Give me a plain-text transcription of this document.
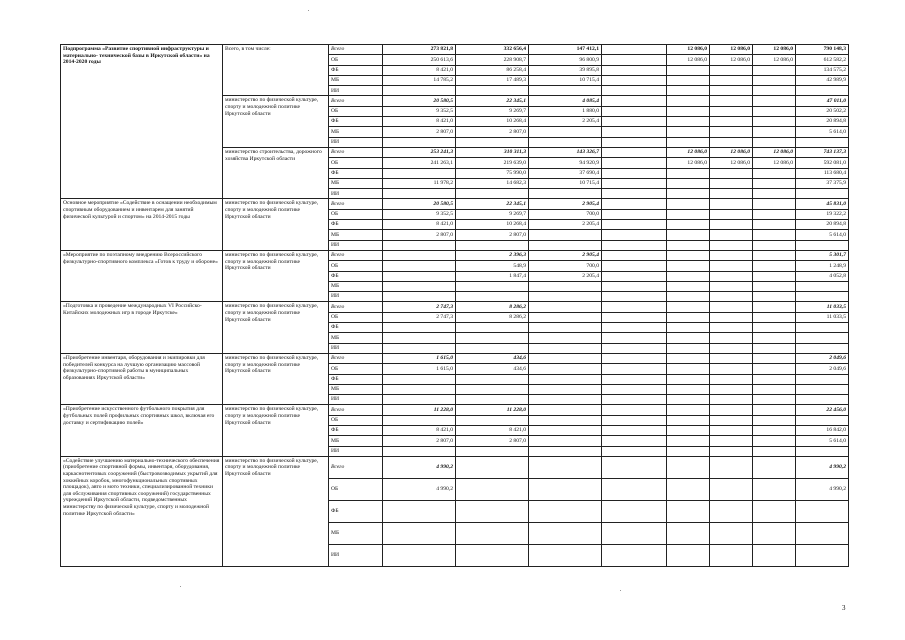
Подпрограмма «Развитие спортивной инфраструктуры и материально- технической базы в Иркутской области» на 2014-2020 годы	Всего, в том числе:	Всего	273 821,8	332 656,4	147 412,1		12 086,0	12 086,0	12 086,0	790 148,3
		ОБ	250 613,6	228 908,7	96 800,9		12 086,0	12 086,0	12 086,0	612 582,2
		ФБ	8 421,0	86 258,4	39 895,8					134 575,2
		МБ	14 785,2	17 489,3	10 715,4					42 989,9
		ИИ								
	министерство по физической культуре, спорту и молодежной политике Иркутской области	Всего	20 580,5	22 345,1	4 085,4					47 011,0
		ОБ	9 352,5	9 269,7	1 880,0					20 502,2
		ФБ	8 421,0	10 268,4	2 205,4					20 894,8
		МБ	2 807,0	2 807,0						5 614,0
		ИИ								
	министерство строительства, дорожного хозяйства Иркутской области	Всего	253 241,3	310 311,3	143 326,7		12 086,0	12 086,0	12 086,0	743 137,3
		ОБ	241 263,1	219 639,0	94 920,9		12 086,0	12 086,0	12 086,0	592 081,0
		ФБ		75 990,0	37 690,4					113 680,4
		МБ	11 978,2	14 682,3	10 715,4					37 375,9
		ИИ								
Основное мероприятие «Содействие в оснащении необходимым спортивным оборудованием и инвентарем для занятий физической культурой и спортом» на 2014-2015 годы	министерство по физической культуре, спорту и молодежной политике Иркутской области	Всего	20 580,5	22 345,1	2 905,4					45 831,0
		ОБ	9 352,5	9 269,7	700,0					19 322,2
		ФБ	8 421,0	10 268,4	2 205,4					20 894,8
		МБ	2 807,0	2 807,0						5 614,0
		ИИ								
«Мероприятие по поэтапному внедрению Всероссийского физкультурно-спортивного комплекса «Готов к труду и обороне»	министерство по физической культуре, спорту и молодежной политике Иркутской области	Всего		2 396,3	2 905,4					5 301,7
		ОБ		548,9	700,0					1 248,9
		ФБ		1 847,4	2 205,4					4 052,8
		МБ								
		ИИ								
«Подготовка и проведение международных VI Российско-Китайских молодежных игр в городе Иркутске»	министерство по физической культуре, спорту и молодежной политике Иркутской области	Всего	2 747,3	8 286,2						11 033,5
		ОБ	2 747,3	8 286,2						11 033,5
		ФБ								
		МБ								
		ИИ								
«Приобретение инвентаря, оборудования и экипировки для победителей конкурса на лучшую организацию массовой физкультурно-спортивной работы в муниципальных образованиях Иркутской области»	министерство по физической культуре, спорту и молодежной политике Иркутской области	Всего	1 615,0	434,6						2 049,6
		ОБ	1 615,0	434,6						2 049,6
		ФБ								
		МБ								
		ИИ								
«Приобретение искусственного футбольного покрытия для футбольных полей профильных спортивных школ, включая его доставку и сертификацию полей»	министерство по физической культуре, спорту и молодежной политике Иркутской области	Всего	11 228,0	11 228,0						22 456,0
		ОБ								
		ФБ	8 421,0	8 421,0						16 842,0
		МБ	2 807,0	2 807,0						5 614,0
		ИИ								
«Содействие улучшению материально-технического обеспечения (приобретение спортивной формы, инвентаря, оборудования, каркаснотентовых сооружений (быстровозводимых укрытий для хоккейных коробок, многофункциональных спортивных площадок), авто и мото техники, специализированной техники для обслуживания спортивных сооружений) государственных учреждений Иркутской области, подведомственных министерству по физической культуре, спорту и молодежной политике Иркутской области»	министерство по физической культуре, спорту и молодежной политике Иркутской области	Всего	4 990,2							4 990,2
		ОБ	4 990,2							4 990,2
		ФБ								
		МБ								
		ИИ								
3
